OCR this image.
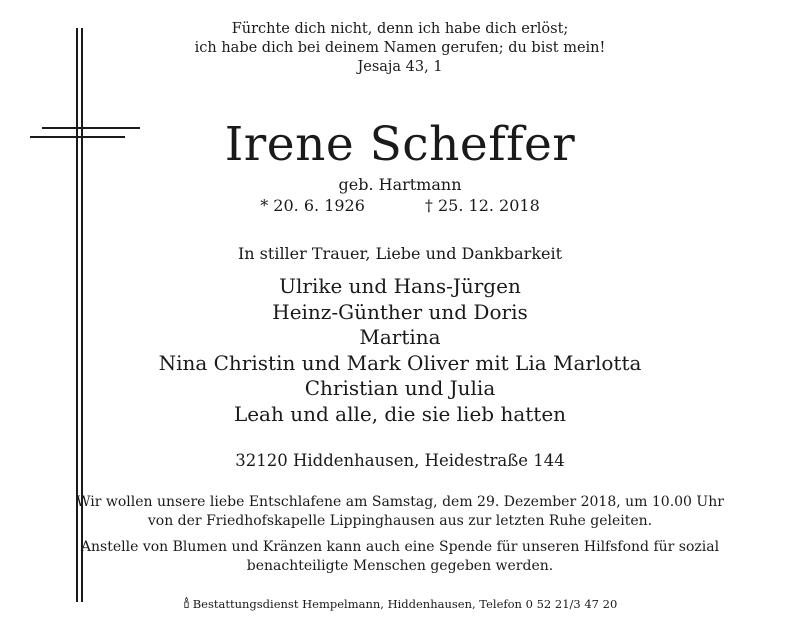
Fürchte dich nicht, denn ich habe dich erlöst;
ich habe dich bei deinem Namen gerufen; du bist mein!
Jesaja 43, 1
Irene Scheffer
geb. Hartmann
* 20. 6. 1926	† 25. 12. 2018
In stiller Trauer, Liebe und Dankbarkeit
Ulrike und Hans-Jürgen
Heinz-Günther und Doris
Martina
Nina Christin und Mark Oliver mit Lia Marlotta
Christian und Julia
Leah und alle, die sie lieb hatten
32120 Hiddenhausen, Heidestraße 144
Wir wollen unsere liebe Entschlafene am Samstag, dem 29. Dezember 2018, um 10.00 Uhr
von der Friedhofskapelle Lippinghausen aus zur letzten Ruhe geleiten.
Anstelle von Blumen und Kränzen kann auch eine Spende für unseren Hilfsfond für sozial
benachteiligte Menschen gegeben werden.
Bestattungsdienst Hempelmann, Hiddenhausen, Telefon 0 52 21/3 47 20
